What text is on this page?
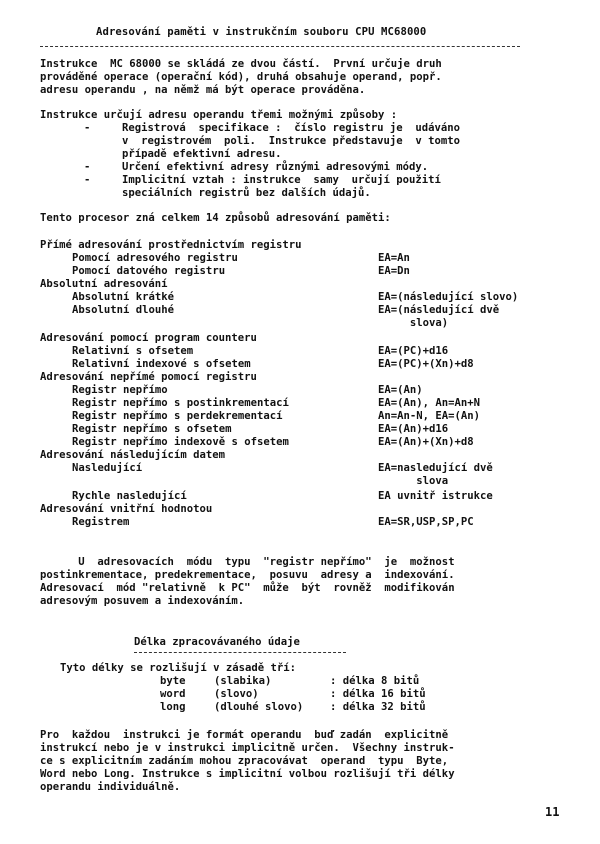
Adresování paměti v instrukčním souboru CPU MC68000
Instrukce  MC 68000 se skládá ze dvou částí.  První určuje druh
prováděné operace (operační kód), druhá obsahuje operand, popř.
adresu operandu , na němž má být operace prováděna.
Instrukce určují adresu operandu třemi možnými způsoby :
-	Registrová  specifikace :  číslo registru je  udáváno
v  registrovém  poli.  Instrukce představuje  v tomto
případě efektivní adresu.
-	Určení efektivní adresy různými adresovými módy.
-	Implicitní vztah : instrukce  samy  určují použití
speciálních registrů bez dalších údajů.
Tento procesor zná celkem 14 způsobů adresování paměti:
Přímé adresování prostřednictvím registru
Pomocí adresového registru	EA=An
Pomocí datového registru	EA=Dn
Absolutní adresování
Absolutní krátké	EA=(následující slovo)
Absolutní dlouhé	EA=(následující dvě
slova)
Adresování pomocí program counteru
Relativní s ofsetem	EA=(PC)+d16
Relativní indexové s ofsetem	EA=(PC)+(Xn)+d8
Adresování nepřímé pomocí registru
Registr nepřímo	EA=(An)
Registr nepřímo s postinkrementací	EA=(An), An=An+N
Registr nepřímo s perdekrementací	An=An-N, EA=(An)
Registr nepřímo s ofsetem	EA=(An)+d16
Registr nepřímo indexově s ofsetem	EA=(An)+(Xn)+d8
Adresování následujícím datem
Nasledující	EA=nasledující dvě
slova
Rychle nasledující	EA uvnitř istrukce
Adresování vnitřní hodnotou
Registrem	EA=SR,USP,SP,PC
U  adresovacích  módu  typu  "registr nepřímo"  je  možnost
postinkrementace, predekrementace,  posuvu  adresy a  indexování.
Adresovací  mód "relativně  k PC"  může  být  rovněž  modifikován
adresovým posuvem a indexováním.
Délka zpracovávaného údaje
Tyto délky se rozlišují v zásadě tří:
byte	(slabika)	: délka 8 bitů
word	(slovo)	: délka 16 bitů
long	(dlouhé slovo)	: délka 32 bitů
Pro  každou  instrukci je formát operandu  buď zadán  explicitně
instrukcí nebo je v instrukci implicitně určen.  Všechny instruk-
ce s explicitním zadáním mohou zpracovávat  operand  typu  Byte,
Word nebo Long. Instrukce s implicitní volbou rozlišují tři délky
operandu individuálně.
11
